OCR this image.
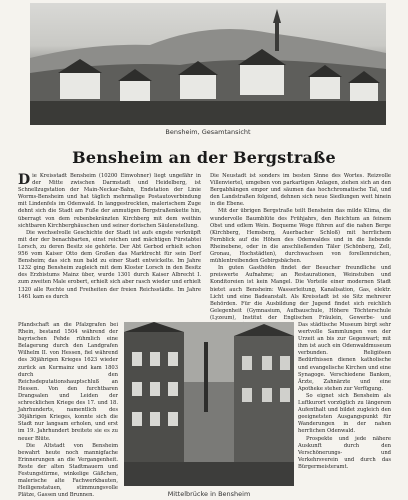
Bensheim, Gesamtansicht
Bensheim an der Bergstraße

Die Kreisstadt Bensheim (10200 Einwohner) liegt ungefähr in der Mitte zwischen Darmstadt und Heidelberg, ist Schnellzugstation der Main-Neckar-Bahn, Endstation der Linie Worms-Bensheim und hat täglich mehrmalige Postautoverbindung mit Lindenfels im Odenwald. In langgestreckten, malerischem Zuge dehnt sich die Stadt am Fuße der anmutigen Bergstraßenkette hin, überragt von dem rebenbekränzten Kirchberg mit dem weithin sichtbaren Kirchberghäuschen und seiner dorischen Säulenstellung.

Die wechselvolle Geschichte der Stadt ist aufs engste verknüpft mit der der benachbarten, einst reichen und mächtigen Fürstabtei Lorsch, zu deren Besitz sie gehörte. Der Abt Gerbod erhielt schon 956 vom Kaiser Otto dem Großen das Marktrecht für sein Dorf Bensheim; das sich nun bald zu einer Stadt entwickelte. Im Jahre 1232 ging Bensheim zugleich mit dem Kloster Lorsch in den Besitz des Erzbistums Mainz über, wurde 1301 durch Kaiser Albrecht I. zum zweiten Male erobert, erhielt sich aber rasch wieder und erhielt 1320 alle Rechte und Freiheiten der freien Reichsstädte. Im Jahre 1461 kam es durch

Pfandschaft an die Pfalzgrafen bei Rhein, bestand 1504 während der bayrischen Fehde rühmlich eine Belagerung durch den Landgrafen Wilhelm II. von Hessen, fiel während des 30jährigen Krieges 1623 wieder zurück an Kurmainz und kam 1803 durch den Reichsdeputationshauptschluß an Hessen. Von den furchtbaren Drangsalen und Leiden der schrecklichen Kriege des 17. und 18. Jahrhunderts, namentlich des 30jährigen Krieges, konnte sich die Stadt nur langsam erholen, und erst im 19. Jahrhundert breitete sie es zu neuer Blüte.

Die Altstadt von Bensheim bewahrt heute noch mannigfache Erinnerungen an die Vergangenheit. Reste der alten Stadtmauern und Festungstürme, winkelige Gäßchen, malerische alte Fachwerkbauten, Heiligenstatuen, stimmungsvolle Plätze, Gassen und Brunnen.

Die Neustadt ist sonders im besten Sinne des Wortes. Reizvolle Villenviertel, umgeben von parkartigen Anlagen, ziehen sich an den Bergabhängen empor und säumen das hochchromatische Tal, und den Landstraßen folgend, dehnen sich neue Siedlungen weit hinein in die Ebene.

Mit der übrigen Bergstraße teilt Bensheim das milde Klima, die wundervolle Baumblüte des Frühjahrs, den Reichtum an feinem Obst und edlem Wein. Bequeme Wege führen auf die nahen Berge (Kirchberg, Hemsberg, Auerbacher Schloß) mit herrlichem Fernblick auf die Höhen des Odenwaldes und in die liebende Rheinebene, oder in die anschließenden Täler (Schönberg, Zell, Gronau, Hochstädten), durchwachsen von forellenreichen, mühlentreibenden Gebirgsbächen.

In guten Gasthöfen findet der Besucher freundliche und preiswerte Aufnahme; an Restaurationen, Weinstuben und Konditoreien ist kein Mangel. Die Vorteile einer modernen Stadt bietet auch Bensheim: Wasserleitung, Kanalisation, Gas, elektr. Licht und eine Badeanstalt. Als Kreisstadt ist sie Sitz mehrerer Behörden. Für die Ausbildung der Jugend findet sich reichlich Gelegenheit (Gymnasium, Aufbauschule, Höhere Töchterschule (Lyzeum), Institut der Englischen Fräulein, Gewerbe- und

Mittelbrücke in Bensheim

Das städtische Museum birgt sehr wertvolle Sammlungen von der Urzeit an bis zur Gegenwart; mit ihm ist auch ein Odenwaldmuseum verbunden. Religiösen Bedürfnissen dienen katholische und evangelische Kirchen und eine Synagoge. Verschiedene Banken, Ärzte, Zahnärzte und eine Apotheke stehen zur Verfügung.

So eignet sich Bensheim als Luftkurort vorzüglich zu längerem Aufenthalt und bildet zugleich den geeignetsten Ausgangspunkt für Wanderungen in der nahen herrlichen Odenwald.

Prospekte und jede nähere Auskunft durch den Verschönerungs- und Verkehrsverein und durch das Bürgermeisteramt.
